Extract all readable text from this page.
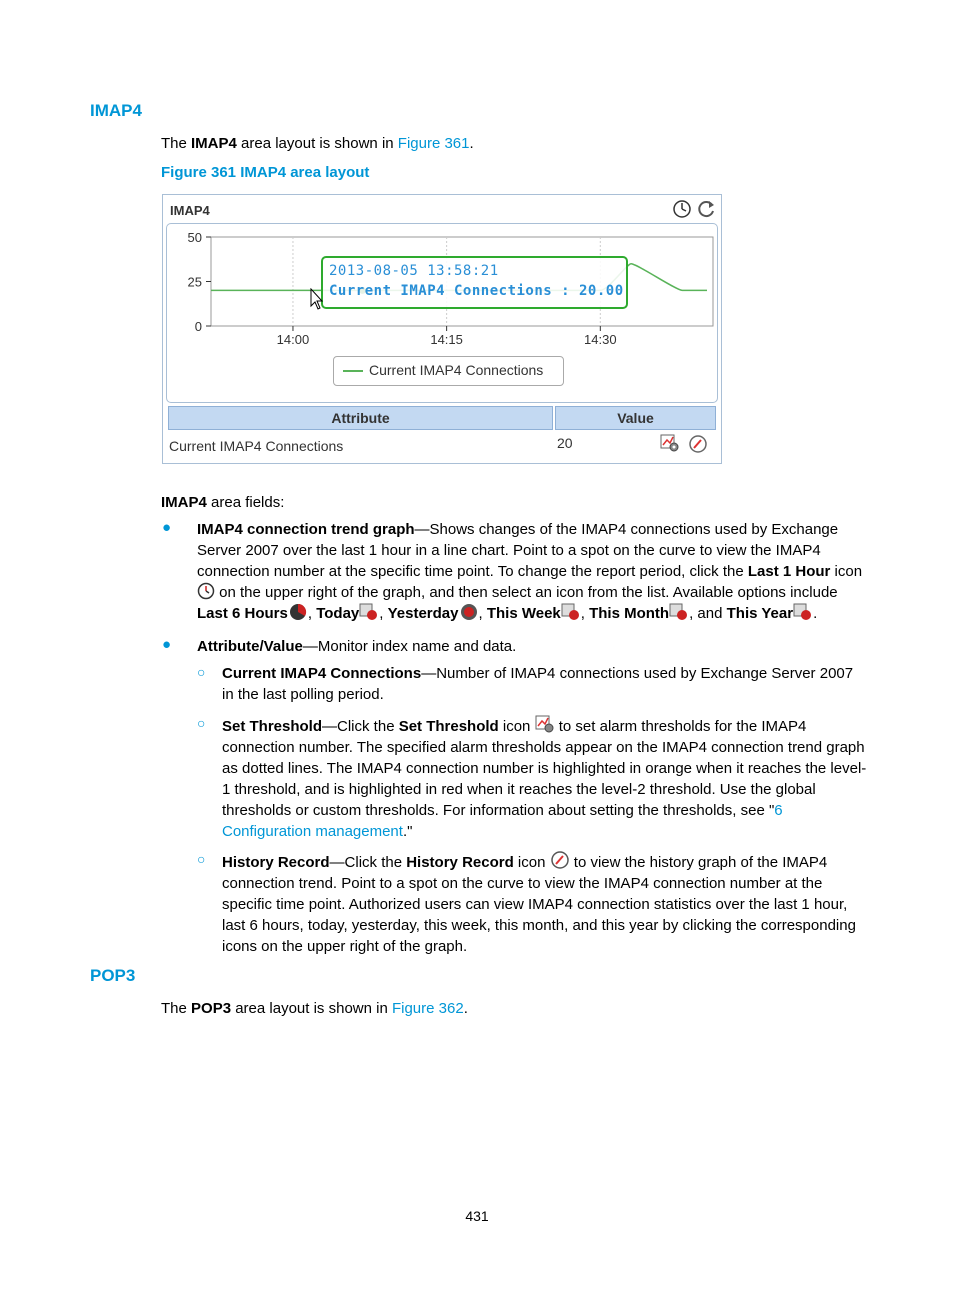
IMAP4
The IMAP4 area layout is shown in Figure 361.
Figure 361 IMAP4 area layout
IMAP4
50
25
0
14:00	14:15	14:30
2013-08-05 13:58:21
Current IMAP4 Connections : 20.00
Current IMAP4 Connections
Attribute	Value
Current IMAP4 Connections	20
IMAP4 area fields:
● IMAP4 connection trend graph—Shows changes of the IMAP4 connections used by Exchange Server 2007 over the last 1 hour in a line chart. Point to a spot on the curve to view the IMAP4 connection number at the specific time point. To change the report period, click the Last 1 Hour icon  on the upper right of the graph, and then select an icon from the list. Available options include Last 6 Hours , Today , Yesterday , This Week , This Month , and This Year .
● Attribute/Value—Monitor index name and data.
○ Current IMAP4 Connections—Number of IMAP4 connections used by Exchange Server 2007 in the last polling period.
○ Set Threshold—Click the Set Threshold icon  to set alarm thresholds for the IMAP4 connection number. The specified alarm thresholds appear on the IMAP4 connection trend graph as dotted lines. The IMAP4 connection number is highlighted in orange when it reaches the level-1 threshold, and is highlighted in red when it reaches the level-2 threshold. Use the global thresholds or custom thresholds. For information about setting the thresholds, see "6 Configuration management."
○ History Record—Click the History Record icon  to view the history graph of the IMAP4 connection trend. Point to a spot on the curve to view the IMAP4 connection number at the specific time point. Authorized users can view IMAP4 connection statistics over the last 1 hour, last 6 hours, today, yesterday, this week, this month, and this year by clicking the corresponding icons on the upper right of the graph.
POP3
The POP3 area layout is shown in Figure 362.
431
